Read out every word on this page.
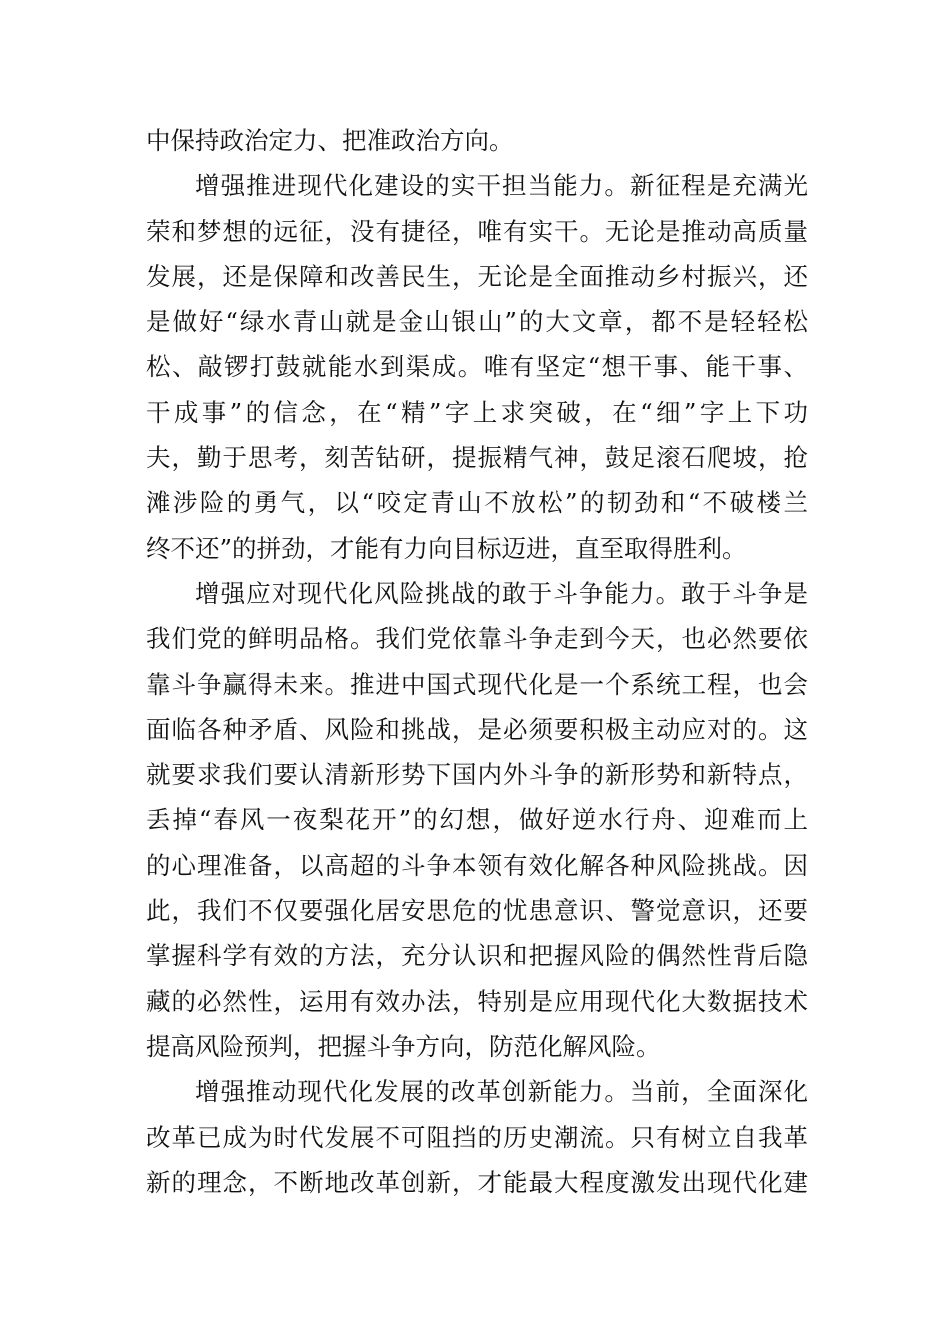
中保持政治定力、把准政治方向。
增强推进现代化建设的实干担当能力。新征程是充满光
荣和梦想的远征，没有捷径，唯有实干。无论是推动高质量
发展，还是保障和改善民生，无论是全面推动乡村振兴，还
是做好“绿水青山就是金山银山”的大文章，都不是轻轻松
松、敲锣打鼓就能水到渠成。唯有坚定“想干事、能干事、
干成事”的信念，在“精”字上求突破，在“细”字上下功
夫，勤于思考，刻苦钻研，提振精气神，鼓足滚石爬坡，抢
滩涉险的勇气，以“咬定青山不放松”的韧劲和“不破楼兰
终不还”的拼劲，才能有力向目标迈进，直至取得胜利。
增强应对现代化风险挑战的敢于斗争能力。敢于斗争是
我们党的鲜明品格。我们党依靠斗争走到今天，也必然要依
靠斗争赢得未来。推进中国式现代化是一个系统工程，也会
面临各种矛盾、风险和挑战，是必须要积极主动应对的。这
就要求我们要认清新形势下国内外斗争的新形势和新特点，
丢掉“春风一夜梨花开”的幻想，做好逆水行舟、迎难而上
的心理准备，以高超的斗争本领有效化解各种风险挑战。因
此，我们不仅要强化居安思危的忧患意识、警觉意识，还要
掌握科学有效的方法，充分认识和把握风险的偶然性背后隐
藏的必然性，运用有效办法，特别是应用现代化大数据技术
提高风险预判，把握斗争方向，防范化解风险。
增强推动现代化发展的改革创新能力。当前，全面深化
改革已成为时代发展不可阻挡的历史潮流。只有树立自我革
新的理念，不断地改革创新，才能最大程度激发出现代化建
